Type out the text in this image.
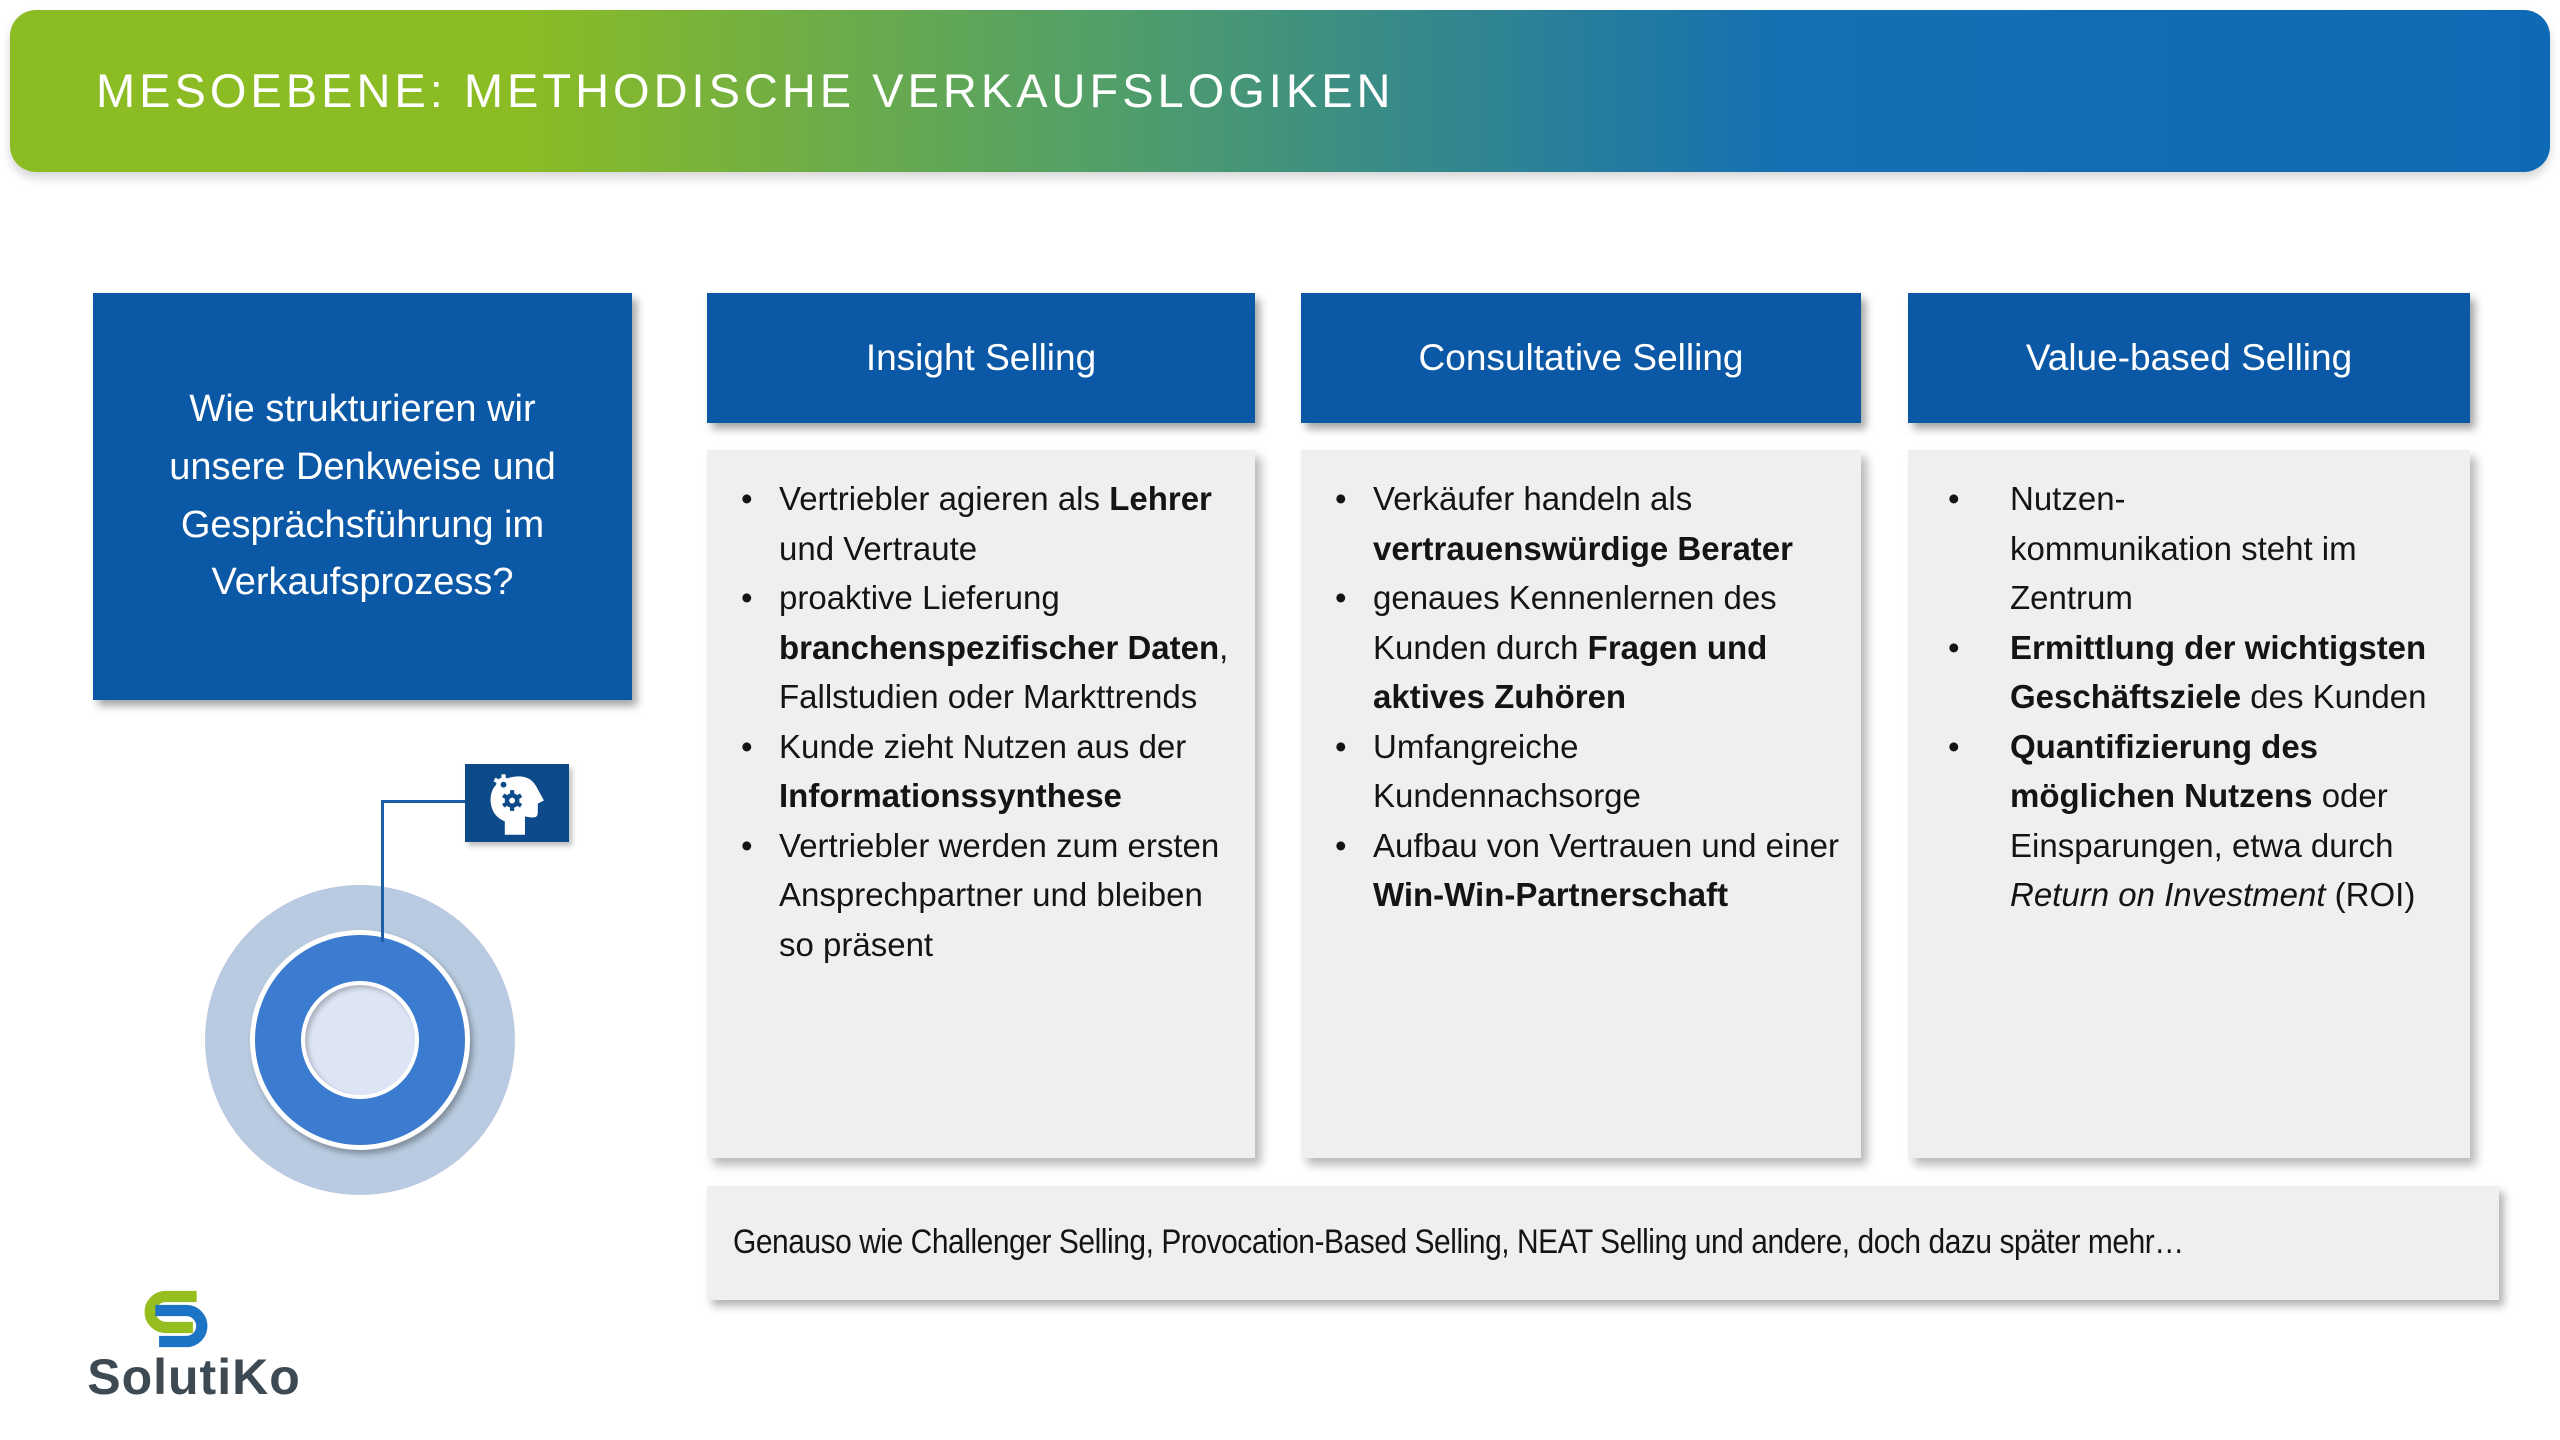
MESOEBENE: METHODISCHE VERKAUFSLOGIKEN

Wie strukturieren wir unsere Denkweise und Gesprächsführung im Verkaufsprozess?

Insight Selling
• Vertriebler agieren als Lehrer und Vertraute
• proaktive Lieferung branchenspezifischer Daten, Fallstudien oder Markttrends
• Kunde zieht Nutzen aus der Informationssynthese
• Vertriebler werden zum ersten Ansprechpartner und bleiben so präsent
Consultative Selling
• Verkäufer handeln als vertrauenswürdige Berater
• genaues Kennenlernen des Kunden durch Fragen und aktives Zuhören
• Umfangreiche Kundennachsorge
• Aufbau von Vertrauen und einer Win-Win-Partnerschaft
Value-based Selling
• Nutzen-
kommunikation steht im Zentrum
• Ermittlung der wichtigsten Geschäftsziele des Kunden
• Quantifizierung des möglichen Nutzens oder Einsparungen, etwa durch Return on Investment (ROI)

Genauso wie Challenger Selling, Provocation-Based Selling, NEAT Selling und andere, doch dazu später mehr…

SolutiKo
